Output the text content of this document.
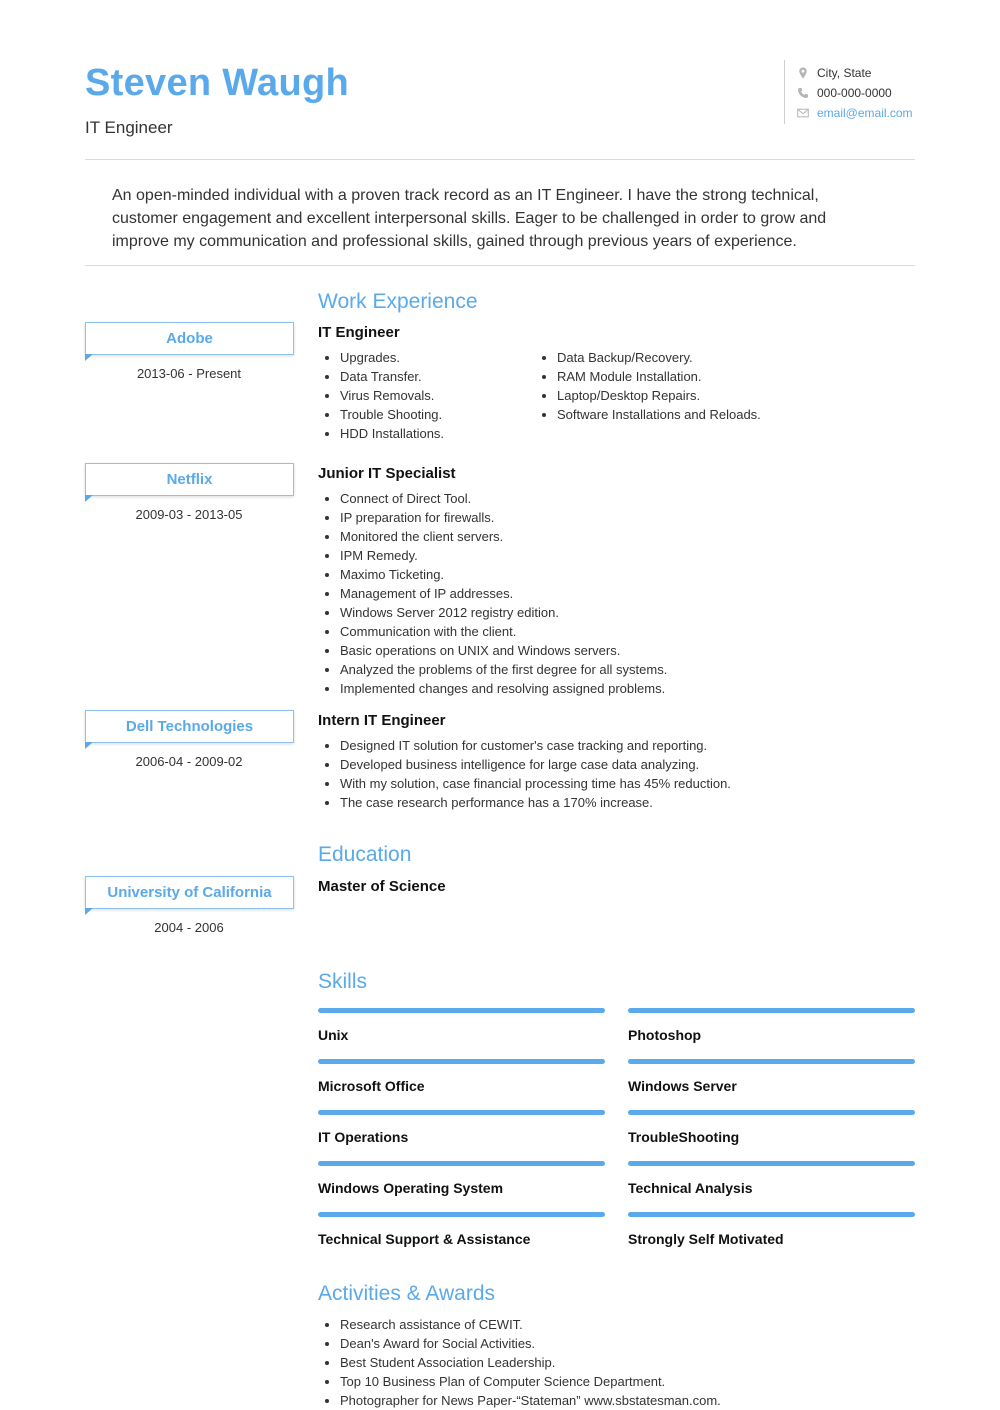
Steven Waugh
IT Engineer
City, State
000-000-0000
email@email.com

An open-minded individual with a proven track record as an IT Engineer. I have the strong technical, customer engagement and excellent interpersonal skills. Eager to be challenged in order to grow and improve my communication and professional skills, gained through previous years of experience.

Work Experience
Adobe
2013-06 - Present
IT Engineer
• Upgrades.
• Data Transfer.
• Virus Removals.
• Trouble Shooting.
• HDD Installations.
• Data Backup/Recovery.
• RAM Module Installation.
• Laptop/Desktop Repairs.
• Software Installations and Reloads.
Netflix
2009-03 - 2013-05
Junior IT Specialist
• Connect of Direct Tool.
• IP preparation for firewalls.
• Monitored the client servers.
• IPM Remedy.
• Maximo Ticketing.
• Management of IP addresses.
• Windows Server 2012 registry edition.
• Communication with the client.
• Basic operations on UNIX and Windows servers.
• Analyzed the problems of the first degree for all systems.
• Implemented changes and resolving assigned problems.
Dell Technologies
2006-04 - 2009-02
Intern IT Engineer
• Designed IT solution for customer's case tracking and reporting.
• Developed business intelligence for large case data analyzing.
• With my solution, case financial processing time has 45% reduction.
• The case research performance has a 170% increase.
Education
University of California
2004 - 2006
Master of Science
Skills
Unix	Photoshop
Microsoft Office	Windows Server
IT Operations	TroubleShooting
Windows Operating System	Technical Analysis
Technical Support & Assistance	Strongly Self Motivated
Activities & Awards
• Research assistance of CEWIT.
• Dean's Award for Social Activities.
• Best Student Association Leadership.
• Top 10 Business Plan of Computer Science Department.
• Photographer for News Paper-“Stateman” www.sbstatesman.com.
